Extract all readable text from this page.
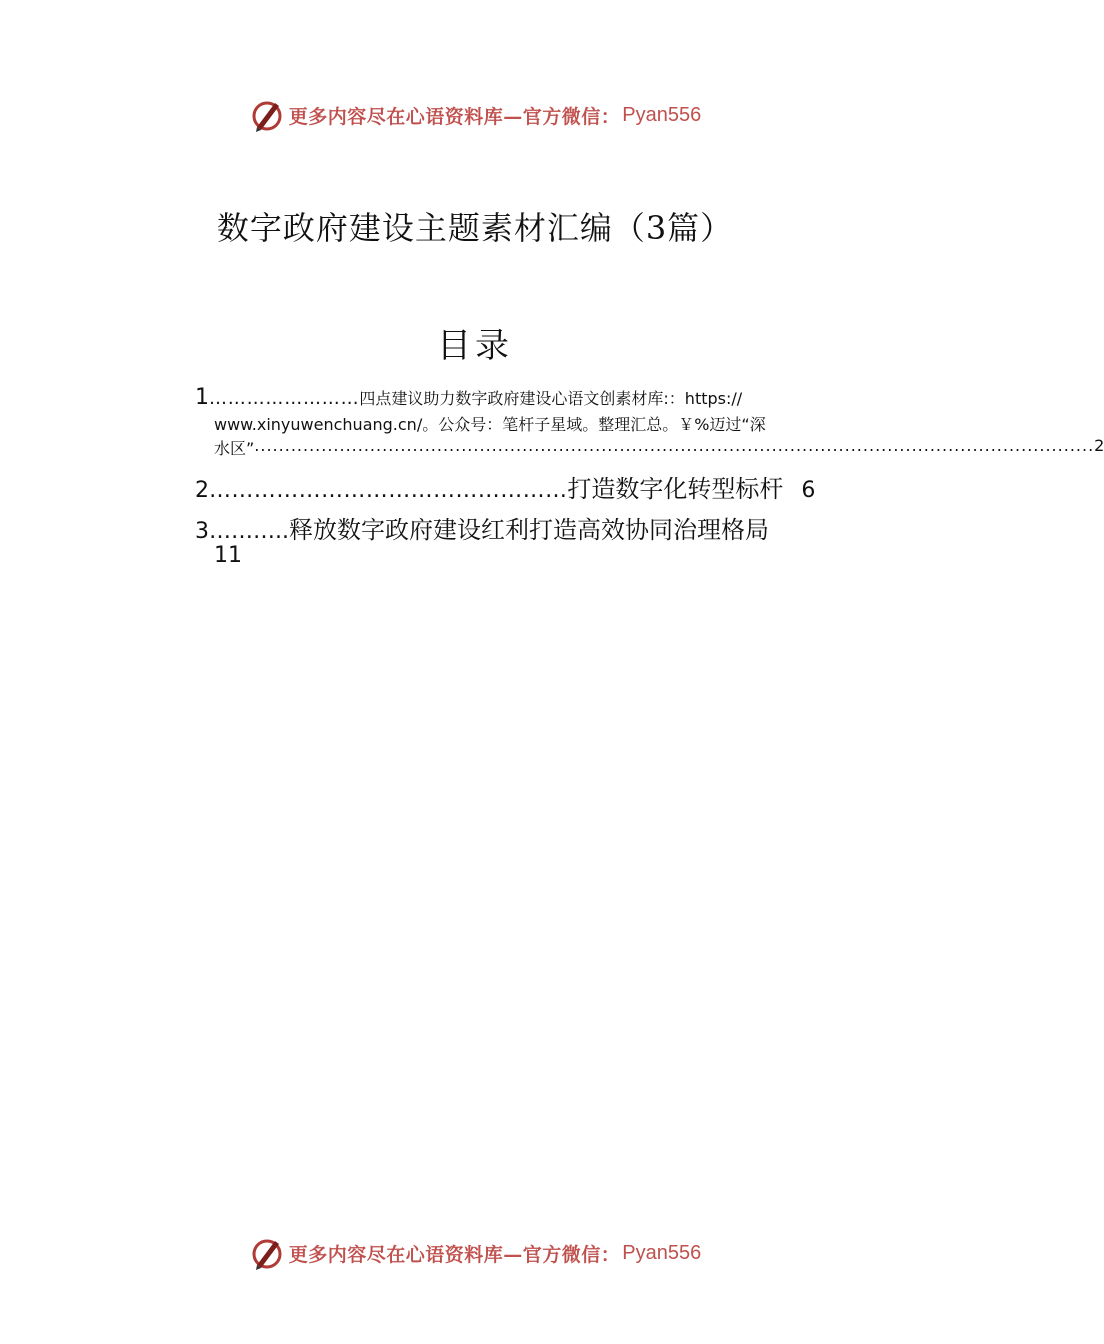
更多内容尽在心语资料库—官方微信： Pyan556
数字政府建设主题素材汇编（3篇）
目录
1 …………………… 四点建议助力数字政府建设心语文创素材库:：https://
www.xinyuwenchuang.cn/。公众号：笔杆子星域。整理汇总。￥%迈过“深
水区” .......................................................................................................................................... 2
2 ………………………………………… 打造数字化转型标杆 6
3………..释放数字政府建设红利打造高效协同治理格局
11
更多内容尽在心语资料库—官方微信： Pyan556
